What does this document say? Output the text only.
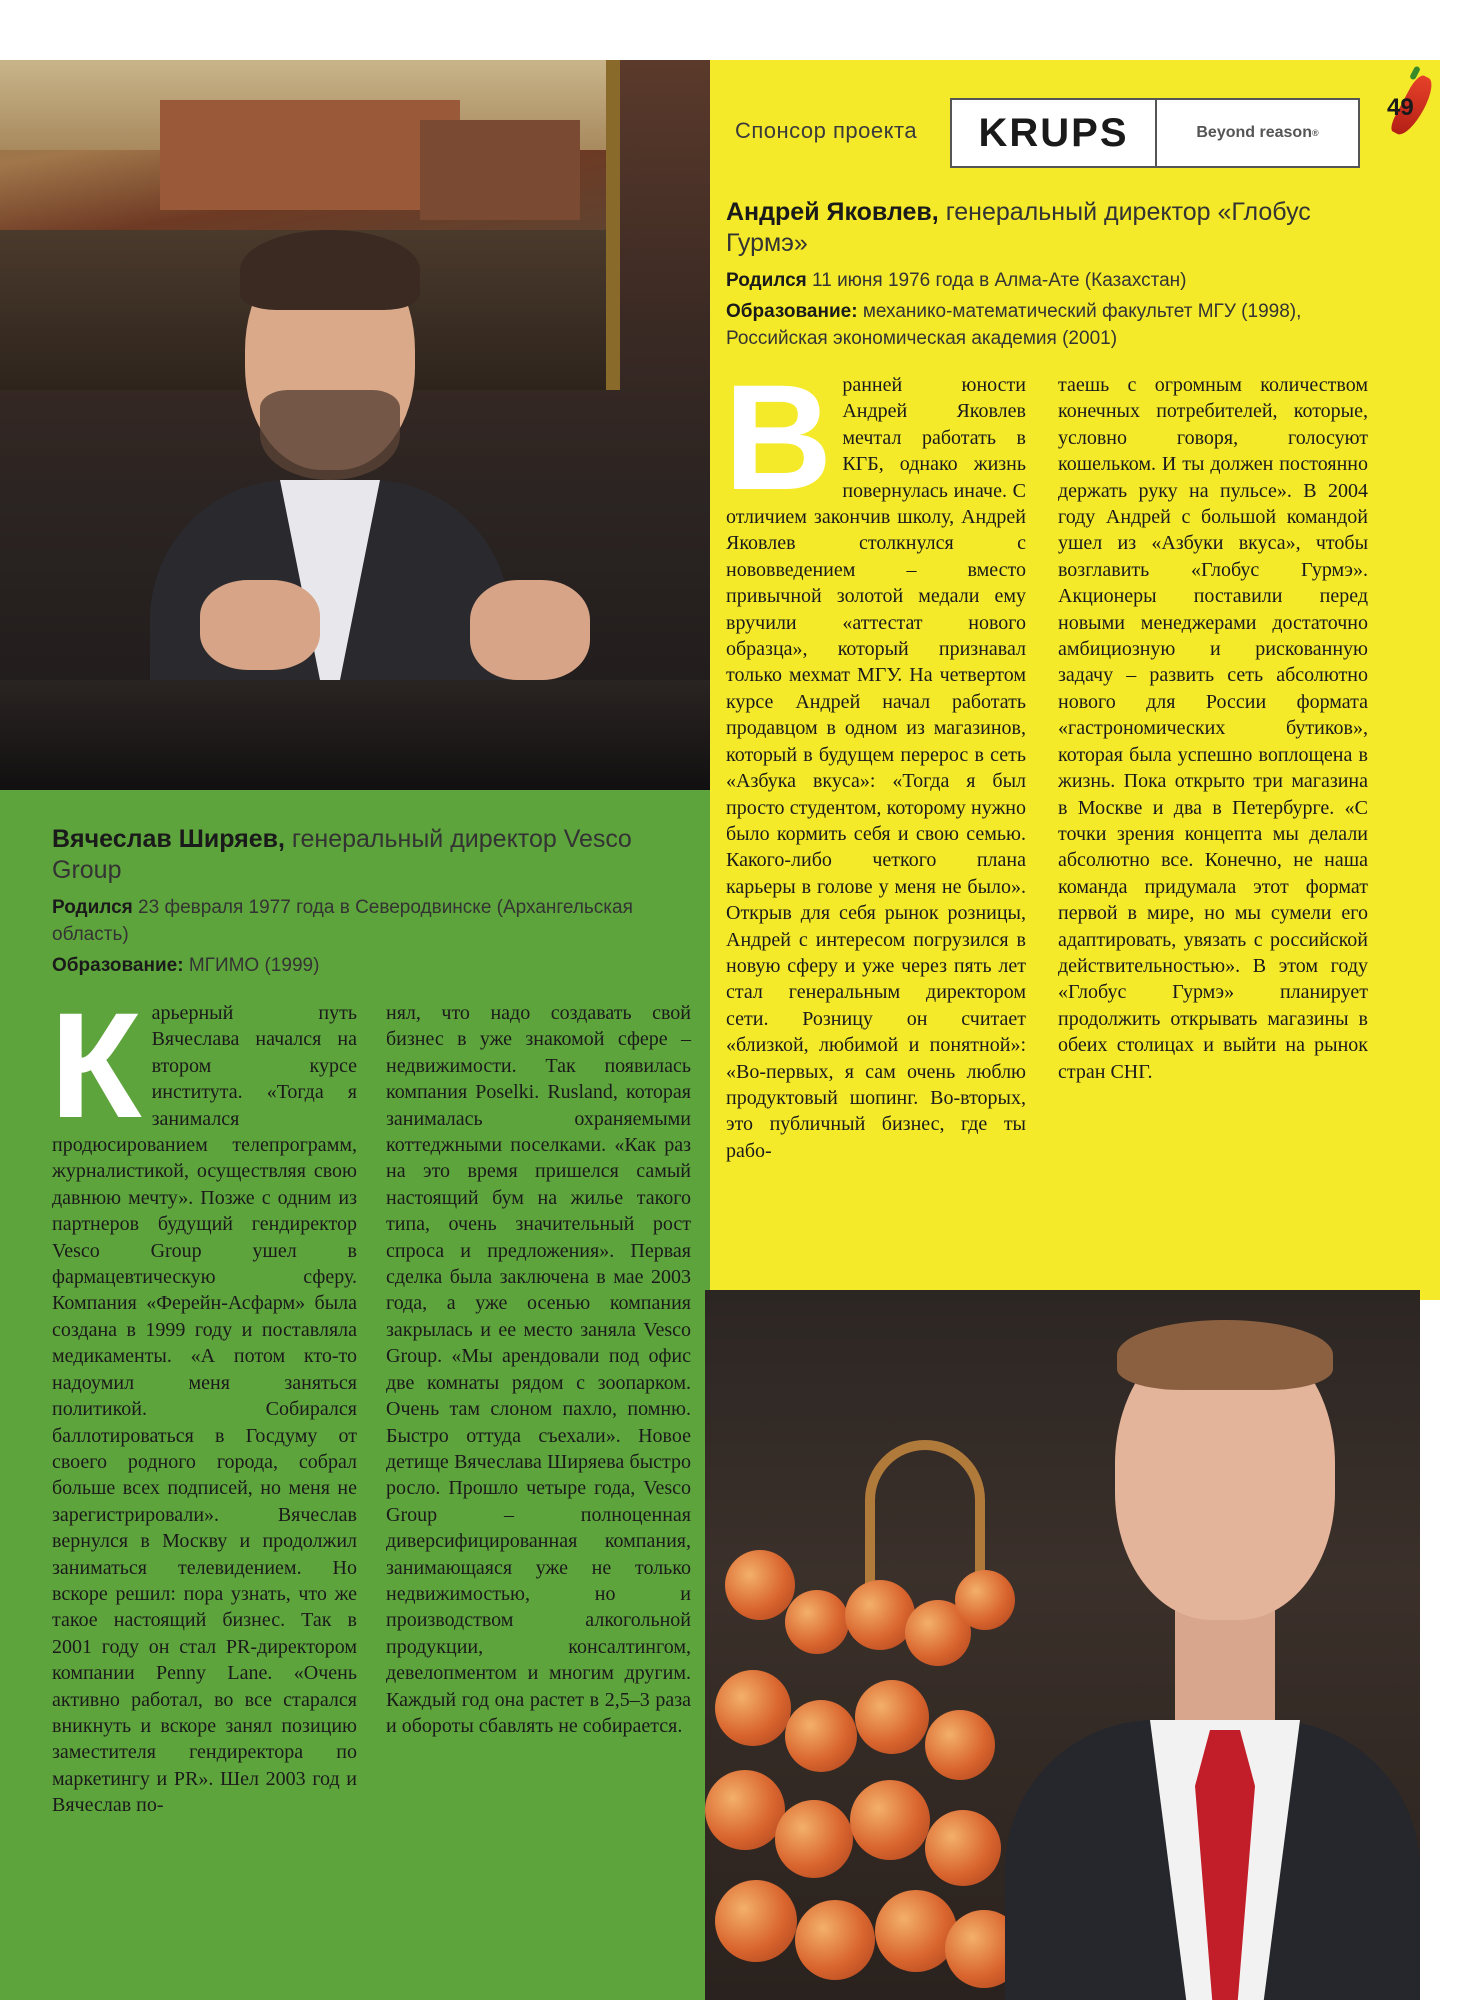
Спонсор проекта	KRUPS	Beyond reason ®
49
Андрей Яковлев, генеральный директор «Глобус Гурмэ»
Родился 11 июня 1976 года в Алма-Ате (Казахстан)
Образование: механико-математический факультет МГУ (1998), Российская экономическая академия (2001)
Вранней юности Андрей Яковлев мечтал работать в КГБ, однако жизнь повернулась иначе. С отличием закончив школу, Андрей Яковлев столкнулся с нововведением – вместо привычной золотой медали ему вручили «аттестат нового образца», который признавал только мехмат МГУ. На четвертом курсе Андрей начал работать продавцом в одном из магазинов, который в будущем перерос в сеть «Азбука вкуса»: «Тогда я был просто студентом, которому нужно было кормить себя и свою семью. Какого-либо четкого плана карьеры в голове у меня не было». Открыв для себя рынок розницы, Андрей с интересом погрузился в новую сферу и уже через пять лет стал генеральным директором сети. Розницу он считает «близкой, любимой и понятной»: «Во-первых, я сам очень люблю продуктовый шопинг. Во-вторых, это публичный бизнес, где ты рабо-
таешь с огромным количеством конечных потребителей, которые, условно говоря, голосуют кошельком. И ты должен постоянно держать руку на пульсе». В 2004 году Андрей с большой командой ушел из «Азбуки вкуса», чтобы возглавить «Глобус Гурмэ». Акционеры поставили перед новыми менеджерами достаточно амбициозную и рискованную задачу – развить сеть абсолютно нового для России формата «гастрономических бутиков», которая была успешно воплощена в жизнь. Пока открыто три магазина в Москве и два в Петербурге. «С точки зрения концепта мы делали абсолютно все. Конечно, не наша команда придумала этот формат первой в мире, но мы сумели его адаптировать, увязать с российской действительностью». В этом году «Глобус Гурмэ» планирует продолжить открывать магазины в обеих столицах и выйти на рынок стран СНГ.
Вячеслав Ширяев, генеральный директор Vesco Group
Родился 23 февраля 1977 года в Северодвинске (Архангельская область)
Образование: МГИМО (1999)
Карьерный путь Вячеслава начался на втором курсе института. «Тогда я занимался продюсированием телепрограмм, журналистикой, осуществляя свою давнюю мечту». Позже с одним из партнеров будущий гендиректор Vesco Group ушел в фармацевтическую сферу. Компания «Ферейн-Асфарм» была создана в 1999 году и поставляла медикаменты. «А потом кто-то надоумил меня заняться политикой. Собирался баллотироваться в Госдуму от своего родного города, собрал больше всех подписей, но меня не зарегистрировали». Вячеслав вернулся в Москву и продолжил заниматься телевидением. Но вскоре решил: пора узнать, что же такое настоящий бизнес. Так в 2001 году он стал PR-директором компании Penny Lane. «Очень активно работал, во все старался вникнуть и вскоре занял позицию заместителя гендиректора по маркетингу и PR». Шел 2003 год и Вячеслав по-
нял, что надо создавать свой бизнес в уже знакомой сфере – недвижимости. Так появилась компания Poselki. Rusland, которая занималась охраняемыми коттеджными поселками. «Как раз на это время пришелся самый настоящий бум на жилье такого типа, очень значительный рост спроса и предложения». Первая сделка была заключена в мае 2003 года, а уже осенью компания закрылась и ее место заняла Vesco Group. «Мы арендовали под офис две комнаты рядом с зоопарком. Очень там слоном пахло, помню. Быстро оттуда съехали». Новое детище Вячеслава Ширяева быстро росло. Прошло четыре года, Vesco Group – полноценная диверсифицированная компания, занимающаяся уже не только недвижимостью, но и производством алкогольной продукции, консалтингом, девелопментом и многим другим. Каждый год она растет в 2,5–3 раза и обороты сбавлять не собирается.
